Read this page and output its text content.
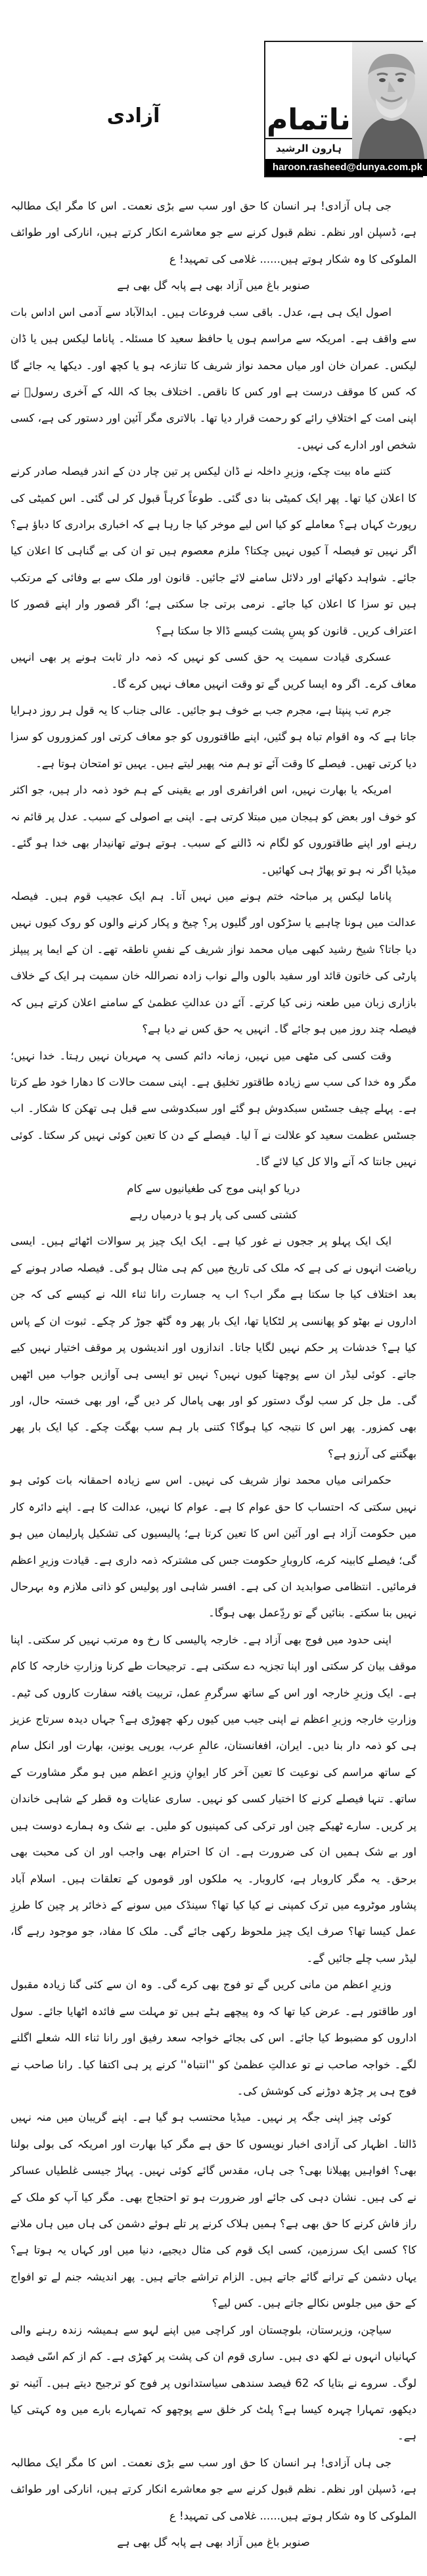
آزادی	ناتمام
ہارون الرشید
haroon.rasheed@dunya.com.pk

جی ہاں آزادی! ہر انسان کا حق اور سب سے بڑی نعمت۔ اس کا مگر ایک مطالبہ ہے، ڈسپلن اور نظم۔ نظم قبول کرنے سے جو معاشرے انکار کرتے ہیں، انارکی اور طوائف الملوکی کا وہ شکار ہوتے ہیں...... غلامی کی تمہید! ع

صنوبر باغ میں آزاد بھی ہے پابہ گل بھی ہے

اصول ایک ہی ہے، عدل۔ باقی سب فروعات ہیں۔ ابدالآباد سے آدمی اس اداس بات سے واقف ہے۔ امریکہ سے مراسم ہوں یا حافظ سعید کا مسئلہ۔ پاناما لیکس ہیں یا ڈان لیکس۔ عمران خان اور میاں محمد نواز شریف کا تنازعہ ہو یا کچھ اور۔ دیکھا یہ جائے گا کہ کس کا موقف درست ہے اور کس کا ناقص۔ اختلاف بجا کہ اللہ کے آخری رسولؐ نے اپنی امت کے اختلافِ رائے کو رحمت قرار دیا تھا۔ بالاتری مگر آئین اور دستور کی ہے، کسی شخص اور ادارے کی نہیں۔

کتنے ماہ بیت چکے، وزیرِ داخلہ نے ڈان لیکس پر تین چار دن کے اندر فیصلہ صادر کرنے کا اعلان کیا تھا۔ پھر ایک کمیٹی بنا دی گئی۔ طوعاً کرہاً قبول کر لی گئی۔ اس کمیٹی کی رپورٹ کہاں ہے؟ معاملے کو کیا اس لیے موخر کیا جا رہا ہے کہ اخباری برادری کا دباؤ ہے؟ اگر نہیں تو فیصلہ آ کیوں نہیں چکتا؟ ملزم معصوم ہیں تو ان کی بے گناہی کا اعلان کیا جائے۔ شواہد دکھائے اور دلائل سامنے لائے جائیں۔ قانون اور ملک سے بے وفائی کے مرتکب ہیں تو سزا کا اعلان کیا جائے۔ نرمی برتی جا سکتی ہے؛ اگر قصور وار اپنے قصور کا اعتراف کریں۔ قانون کو پسِ پشت کیسے ڈالا جا سکتا ہے؟

عسکری قیادت سمیت یہ حق کسی کو نہیں کہ ذمہ دار ثابت ہونے پر بھی انہیں معاف کرے۔ اگر وہ ایسا کریں گے تو وقت انہیں معاف نہیں کرے گا۔

جرم تب پنپتا ہے، مجرم جب بے خوف ہو جائیں۔ عالی جناب کا یہ قول ہر روز دہرایا جاتا ہے کہ وہ اقوام تباہ ہو گئیں، اپنے طاقتوروں کو جو معاف کرتی اور کمزوروں کو سزا دیا کرتی تھیں۔ فیصلے کا وقت آئے تو ہم منہ پھیر لیتے ہیں۔ یہیں تو امتحان ہوتا ہے۔

امریکہ یا بھارت نہیں، اس افراتفری اور بے یقینی کے ہم خود ذمہ دار ہیں، جو اکثر کو خوف اور بعض کو ہیجان میں مبتلا کرتی ہے۔ اپنی بے اصولی کے سبب۔ عدل پر قائم نہ رہنے اور اپنے طاقتوروں کو لگام نہ ڈالنے کے سبب۔ ہوتے ہوتے تھانیدار بھی خدا ہو گئے۔ میڈیا اگر نہ ہو تو پھاڑ ہی کھائیں۔

پاناما لیکس پر مباحثہ ختم ہونے میں نہیں آتا۔ ہم ایک عجیب قوم ہیں۔ فیصلہ عدالت میں ہونا چاہیے یا سڑکوں اور گلیوں پر؟ چیخ و پکار کرنے والوں کو روک کیوں نہیں دیا جاتا؟ شیخ رشید کبھی میاں محمد نواز شریف کے نفسِ ناطقہ تھے۔ ان کے ایما پر پیپلز پارٹی کی خاتون قائد اور سفید بالوں والے نواب زادہ نصراللہ خان سمیت ہر ایک کے خلاف بازاری زبان میں طعنہ زنی کیا کرتے۔ آئے دن عدالتِ عظمیٰ کے سامنے اعلان کرتے ہیں کہ فیصلہ چند روز میں ہو جائے گا۔ انہیں یہ حق کس نے دیا ہے؟

وقت کسی کی مٹھی میں نہیں، زمانہ دائم کسی پہ مہربان نہیں رہتا۔ خدا نہیں؛ مگر وہ خدا کی سب سے زیادہ طاقتور تخلیق ہے۔ اپنی سمت حالات کا دھارا خود طے کرتا ہے۔ پہلے چیف جسٹس سبکدوش ہو گئے اور سبکدوشی سے قبل ہی تھکن کا شکار۔ اب جسٹس عظمت سعید کو علالت نے آ لیا۔ فیصلے کے دن کا تعین کوئی نہیں کر سکتا۔ کوئی نہیں جانتا کہ آنے والا کل کیا لائے گا۔

دریا کو اپنی موج کی طغیانیوں سے کام

کشتی کسی کی پار ہو یا درمیاں رہے

ایک ایک پہلو پر ججوں نے غور کیا ہے۔ ایک ایک چیز پر سوالات اٹھائے ہیں۔ ایسی ریاضت انہوں نے کی ہے کہ ملک کی تاریخ میں کم ہی مثال ہو گی۔ فیصلہ صادر ہونے کے بعد اختلاف کیا جا سکتا ہے مگر اب؟ اب یہ جسارت رانا ثناء اللہ نے کیسے کی کہ جن اداروں نے بھٹو کو پھانسی پر لٹکایا تھا، ایک بار پھر وہ گٹھ جوڑ کر چکے۔ ثبوت ان کے پاس کیا ہے؟ خدشات پر حکم نہیں لگایا جاتا۔ اندازوں اور اندیشوں پر موقف اختیار نہیں کیے جاتے۔ کوئی لیڈر ان سے پوچھتا کیوں نہیں؟ نہیں تو ایسی ہی آوازیں جواب میں اٹھیں گی۔ مل جل کر سب لوگ دستور کو اور بھی پامال کر دیں گے، اور بھی خستہ حال، اور بھی کمزور۔ پھر اس کا نتیجہ کیا ہوگا؟ کتنی بار ہم سب بھگت چکے۔ کیا ایک بار پھر بھگتنے کی آرزو ہے؟

حکمرانی میاں محمد نواز شریف کی نہیں۔ اس سے زیادہ احمقانہ بات کوئی ہو نہیں سکتی کہ احتساب کا حق عوام کا ہے۔ عوام کا نہیں، عدالت کا ہے۔ اپنے دائرہ کار میں حکومت آزاد ہے اور آئین اس کا تعین کرتا ہے؛ پالیسیوں کی تشکیل پارلیمان میں ہو گی؛ فیصلے کابینہ کرے، کاروبارِ حکومت جس کی مشترکہ ذمہ داری ہے۔ قیادت وزیرِ اعظم فرمائیں۔ انتظامی صوابدید ان کی ہے۔ افسر شاہی اور پولیس کو ذاتی ملازم وہ بہرحال نہیں بنا سکتے۔ بنائیں گے تو ردِّعمل بھی ہوگا۔

اپنی حدود میں فوج بھی آزاد ہے۔ خارجہ پالیسی کا رخ وہ مرتب نہیں کر سکتی۔ اپنا موقف بیان کر سکتی اور اپنا تجزیہ دے سکتی ہے۔ ترجیحات طے کرنا وزارتِ خارجہ کا کام ہے۔ ایک وزیرِ خارجہ اور اس کے ساتھ سرگرمِ عمل، تربیت یافتہ سفارت کاروں کی ٹیم۔ وزارتِ خارجہ وزیرِ اعظم نے اپنی جیب میں کیوں رکھ چھوڑی ہے؟ جہاں دیدہ سرتاج عزیز ہی کو ذمہ دار بنا دیں۔ ایران، افغانستان، عالمِ عرب، یورپی یونین، بھارت اور انکل سام کے ساتھ مراسم کی نوعیت کا تعین آخر کار ایوانِ وزیرِ اعظم میں ہو مگر مشاورت کے ساتھ۔ تنہا فیصلے کرنے کا اختیار کسی کو نہیں۔ ساری عنایات وہ قطر کے شاہی خاندان پر کریں۔ سارے ٹھیکے چین اور ترکی کی کمپنیوں کو ملیں۔ بے شک وہ ہمارے دوست ہیں اور بے شک ہمیں ان کی ضرورت ہے۔ ان کا احترام بھی واجب اور ان کی محبت بھی برحق۔ یہ مگر کاروبار ہے، کاروبار۔ یہ ملکوں اور قوموں کے تعلقات ہیں۔ اسلام آباد پشاور موٹروے میں ترک کمپنی نے کیا کیا تھا؟ سینڈک میں سونے کے ذخائر پر چین کا طرزِ عمل کیسا تھا؟ صرف ایک چیز ملحوظ رکھی جائے گی۔ ملک کا مفاد، جو موجود رہے گا، لیڈر سب چلے جائیں گے۔

وزیرِ اعظم من مانی کریں گے تو فوج بھی کرے گی۔ وہ ان سے کئی گنا زیادہ مقبول اور طاقتور ہے۔ عرض کیا تھا کہ وہ پیچھے ہٹے ہیں تو مہلت سے فائدہ اٹھایا جائے۔ سول اداروں کو مضبوط کیا جائے۔ اس کی بجائے خواجہ سعد رفیق اور رانا ثناء اللہ شعلے اگلنے لگے۔ خواجہ صاحب نے تو عدالتِ عظمیٰ کو ''انتباہ'' کرنے پر ہی اکتفا کیا۔ رانا صاحب نے فوج ہی پر چڑھ دوڑنے کی کوشش کی۔

کوئی چیز اپنی جگہ پر نہیں۔ میڈیا محتسب ہو گیا ہے۔ اپنے گریبان میں منہ نہیں ڈالتا۔ اظہار کی آزادی اخبار نویسوں کا حق ہے مگر کیا بھارت اور امریکہ کی بولی بولنا بھی؟ افواہیں پھیلانا بھی؟ جی ہاں، مقدس گائے کوئی نہیں۔ پہاڑ جیسی غلطیاں عساکر نے کی ہیں۔ نشان دہی کی جائے اور ضرورت ہو تو احتجاج بھی۔ مگر کیا آپ کو ملک کے راز فاش کرنے کا حق بھی ہے؟ ہمیں ہلاک کرنے پر تلے ہوئے دشمن کی ہاں میں ہاں ملانے کا؟ کسی ایک سرزمین، کسی ایک قوم کی مثال دیجیے، دنیا میں اور کہاں یہ ہوتا ہے؟ یہاں دشمن کے ترانے گائے جاتے ہیں۔ الزام تراشے جاتے ہیں۔ پھر اندیشہ جنم لے تو افواج کے حق میں جلوس نکالے جاتے ہیں۔ کس لیے؟

سیاچن، وزیرستان، بلوچستان اور کراچی میں اپنے لہو سے ہمیشہ زندہ رہنے والی کہانیاں انہوں نے لکھ دی ہیں۔ ساری قوم ان کی پشت پر کھڑی ہے۔ کم از کم اسّی فیصد لوگ۔ سروے نے بتایا کہ 62 فیصد سندھی سیاستدانوں پر فوج کو ترجیح دیتے ہیں۔ آئینہ تو دیکھو، تمہارا چہرہ کیسا ہے؟ پلٹ کر خلق سے پوچھو کہ تمہارے بارے میں وہ کہتی کیا ہے۔

جی ہاں آزادی! ہر انسان کا حق اور سب سے بڑی نعمت۔ اس کا مگر ایک مطالبہ ہے، ڈسپلن اور نظم۔ نظم قبول کرنے سے جو معاشرے انکار کرتے ہیں، انارکی اور طوائف الملوکی کا وہ شکار ہوتے ہیں...... غلامی کی تمہید! ع

صنوبر باغ میں آزاد بھی ہے پابہ گل بھی ہے
